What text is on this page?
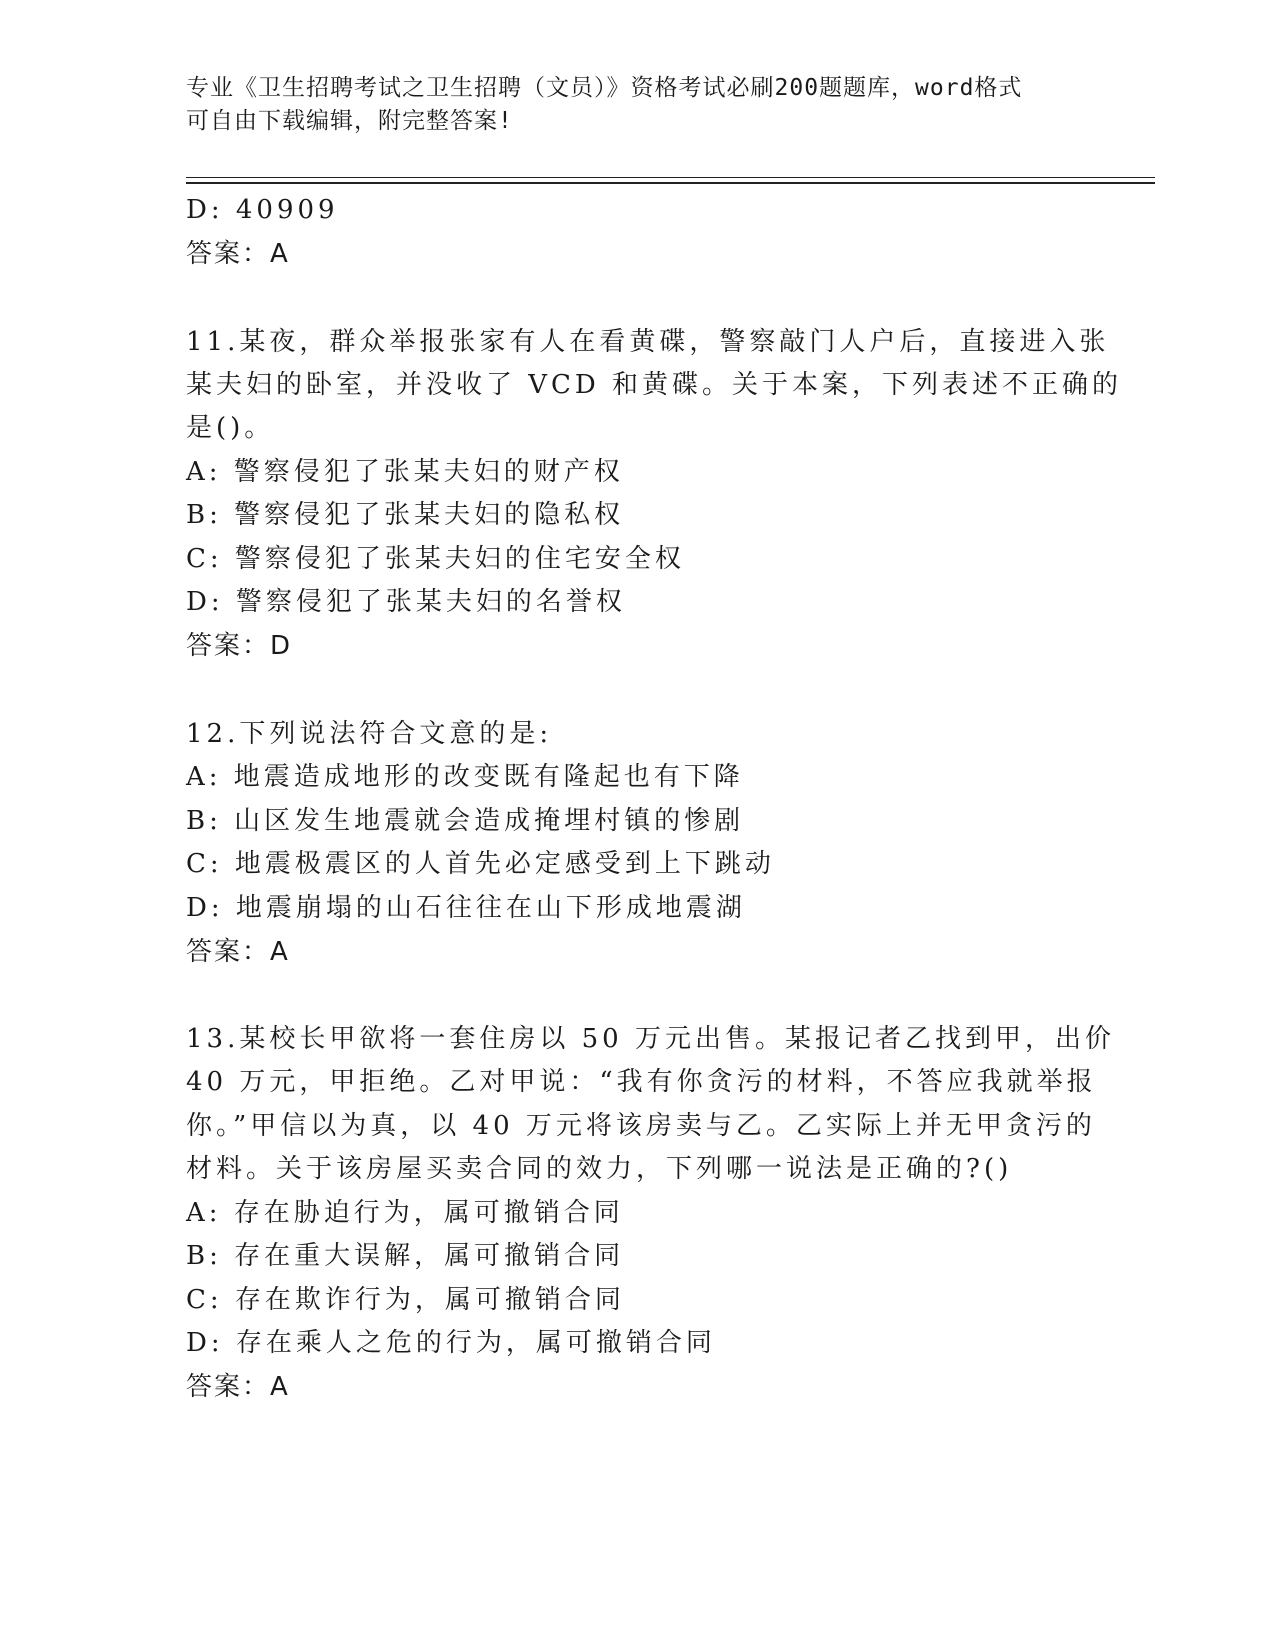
专业《卫生招聘考试之卫生招聘（文员）》资格考试必刷200题题库，word格式
可自由下载编辑，附完整答案!
D: 40909
答案：A
11.某夜，群众举报张家有人在看黄碟，警察敲门人户后，直接进入张
某夫妇的卧室，并没收了 VCD 和黄碟。关于本案，下列表述不正确的
是()。
A: 警察侵犯了张某夫妇的财产权
B: 警察侵犯了张某夫妇的隐私权
C: 警察侵犯了张某夫妇的住宅安全权
D: 警察侵犯了张某夫妇的名誉权
答案：D
12.下列说法符合文意的是:
A: 地震造成地形的改变既有隆起也有下降
B: 山区发生地震就会造成掩埋村镇的惨剧
C: 地震极震区的人首先必定感受到上下跳动
D: 地震崩塌的山石往往在山下形成地震湖
答案：A
13.某校长甲欲将一套住房以 50 万元出售。某报记者乙找到甲，出价
40 万元，甲拒绝。乙对甲说：“我有你贪污的材料，不答应我就举报
你。”甲信以为真，以 40 万元将该房卖与乙。乙实际上并无甲贪污的
材料。关于该房屋买卖合同的效力，下列哪一说法是正确的?()
A: 存在胁迫行为，属可撤销合同
B: 存在重大误解，属可撤销合同
C: 存在欺诈行为，属可撤销合同
D: 存在乘人之危的行为，属可撤销合同
答案：A
